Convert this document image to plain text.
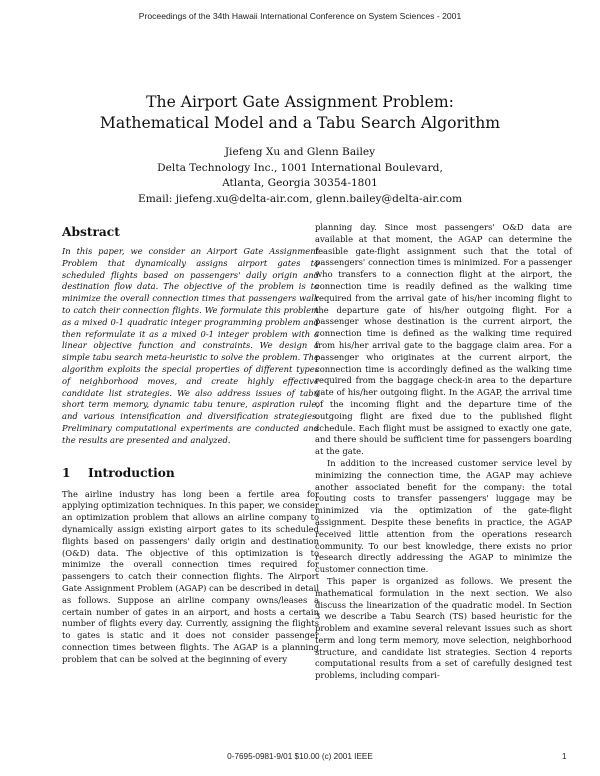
Proceedings of the 34th Hawaii International Conference on System Sciences - 2001
The Airport Gate Assignment Problem:
Mathematical Model and a Tabu Search Algorithm
Jiefeng Xu and Glenn Bailey
Delta Technology Inc., 1001 International Boulevard,
Atlanta, Georgia 30354-1801
Email: jiefeng.xu@delta-air.com, glenn.bailey@delta-air.com
Abstract

In this paper, we consider an Airport Gate Assignment Problem that dynamically assigns airport gates to scheduled flights based on passengers' daily origin and destination flow data. The objective of the problem is to minimize the overall connection times that passengers walk to catch their connection flights. We formulate this problem as a mixed 0-1 quadratic integer programming problem and then reformulate it as a mixed 0-1 integer problem with a linear objective function and constraints. We design a simple tabu search meta-heuristic to solve the problem. The algorithm exploits the special properties of different types of neighborhood moves, and create highly effective candidate list strategies. We also address issues of tabu short term memory, dynamic tabu tenure, aspiration rule, and various intensification and diversification strategies. Preliminary computational experiments are conducted and the results are presented and analyzed.

1 Introduction

The airline industry has long been a fertile area for applying optimization techniques. In this paper, we consider an optimization problem that allows an airline company to dynamically assign existing airport gates to its scheduled flights based on passengers' daily origin and destination (O&D) data. The objective of this optimization is to minimize the overall connection times required for passengers to catch their connection flights. The Airport Gate Assignment Problem (AGAP) can be described in detail as follows. Suppose an airline company owns/leases a certain number of gates in an airport, and hosts a certain number of flights every day. Currently, assigning the flights to gates is static and it does not consider passenger connection times between flights. The AGAP is a planning problem that can be solved at the beginning of every

planning day. Since most passengers' O&D data are available at that moment, the AGAP can determine the feasible gate-flight assignment such that the total of passengers' connection times is minimized. For a passenger who transfers to a connection flight at the airport, the connection time is readily defined as the walking time required from the arrival gate of his/her incoming flight to the departure gate of his/her outgoing flight. For a passenger whose destination is the current airport, the connection time is defined as the walking time required from his/her arrival gate to the baggage claim area. For a passenger who originates at the current airport, the connection time is accordingly defined as the walking time required from the baggage check-in area to the departure gate of his/her outgoing flight. In the AGAP, the arrival time of the incoming flight and the departure time of the outgoing flight are fixed due to the published flight schedule. Each flight must be assigned to exactly one gate, and there should be sufficient time for passengers boarding at the gate.

In addition to the increased customer service level by minimizing the connection time, the AGAP may achieve another associated benefit for the company: the total routing costs to transfer passengers' luggage may be minimized via the optimization of the gate-flight assignment. Despite these benefits in practice, the AGAP received little attention from the operations research community. To our best knowledge, there exists no prior research directly addressing the AGAP to minimize the customer connection time.

This paper is organized as follows. We present the mathematical formulation in the next section. We also discuss the linearization of the quadratic model. In Section 3 we describe a Tabu Search (TS) based heuristic for the problem and examine several relevant issues such as short term and long term memory, move selection, neighborhood structure, and candidate list strategies. Section 4 reports computational results from a set of carefully designed test problems, including compari-

0-7695-0981-9/01 $10.00 (c) 2001 IEEE	1
